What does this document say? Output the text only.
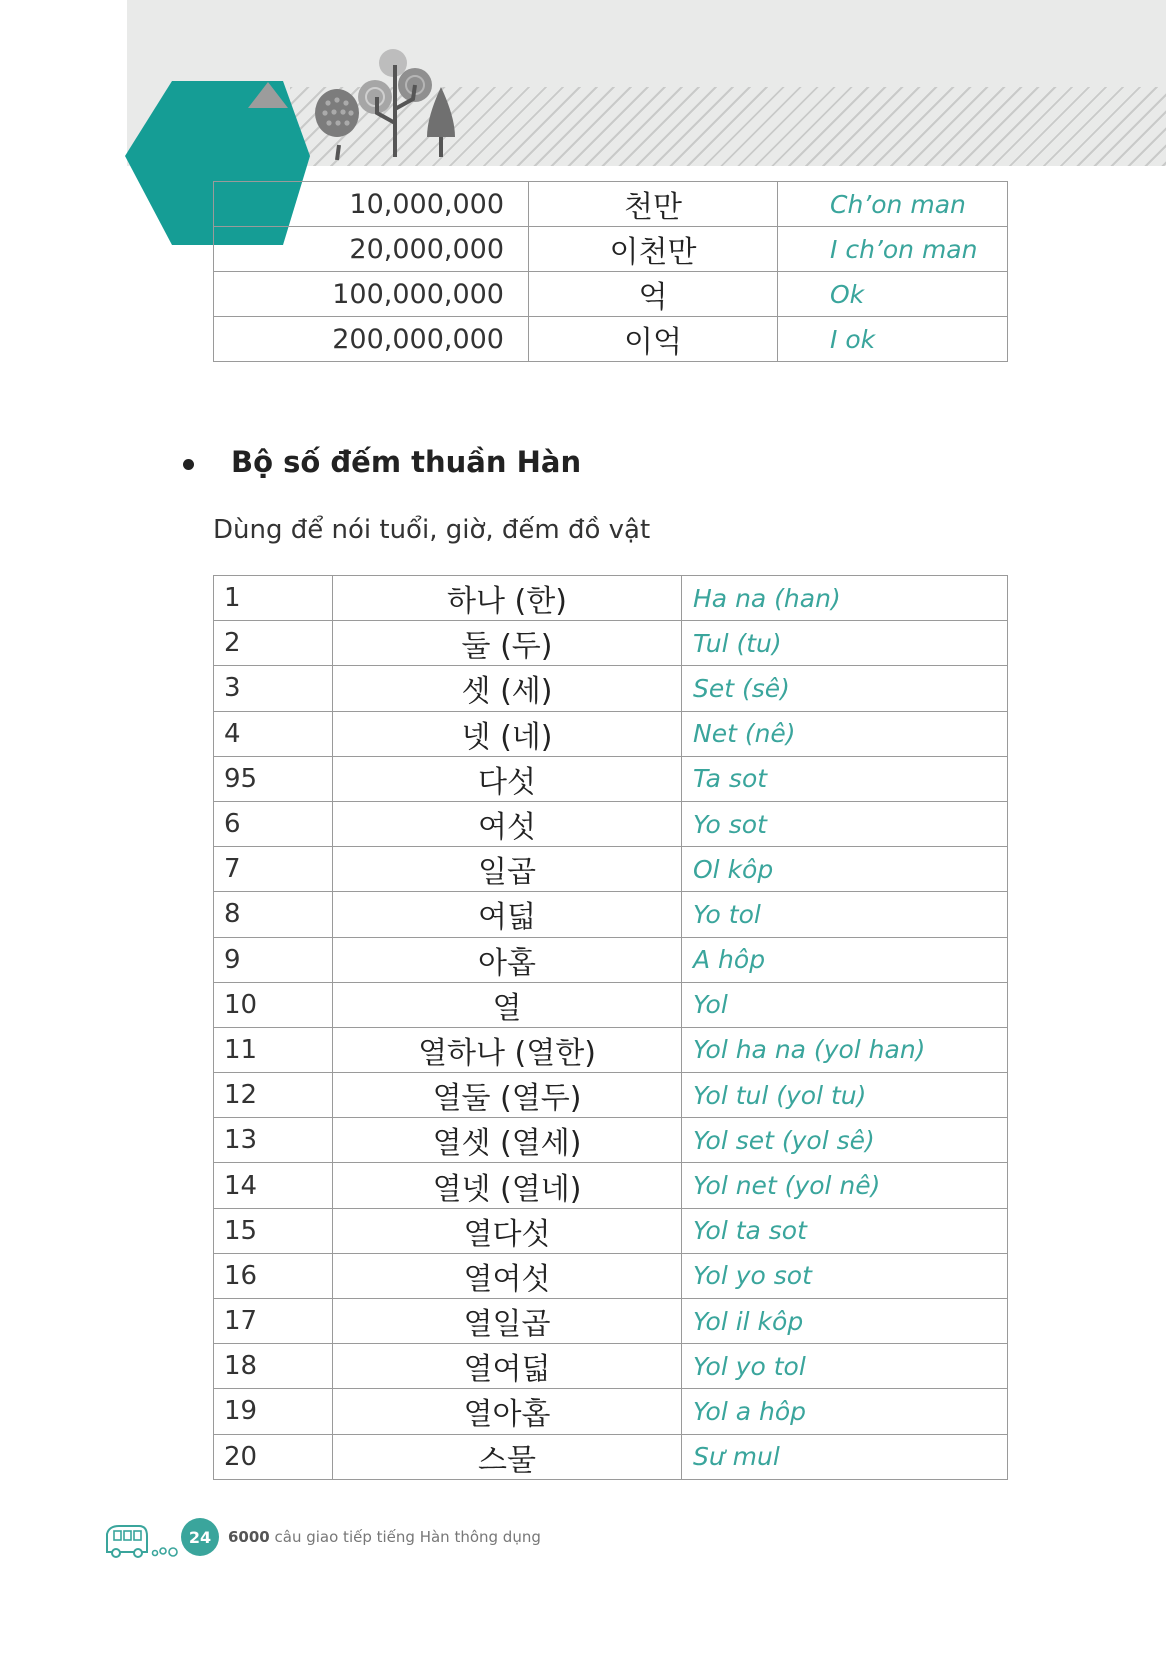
10,000,000	천만	Ch’on man
20,000,000	이천만	I ch’on man
100,000,000	억	Ok
200,000,000	이억	I ok
Bộ số đếm thuần Hàn
Dùng để nói tuổi, giờ, đếm đồ vật
1	하나 (한)	Ha na (han)
2	둘 (두)	Tul (tu)
3	셋 (세)	Set (sê)
4	넷 (네)	Net (nê)
95	다섯	Ta sot
6	여섯	Yo sot
7	일곱	Ol kôp
8	여덟	Yo tol
9	아홉	A hôp
10	열	Yol
11	열하나 (열한)	Yol ha na (yol han)
12	열둘 (열두)	Yol tul (yol tu)
13	열셋 (열세)	Yol set (yol sê)
14	열넷 (열네)	Yol net (yol nê)
15	열다섯	Yol ta sot
16	열여섯	Yol yo sot
17	열일곱	Yol il kôp
18	열여덟	Yol yo tol
19	열아홉	Yol a hôp
20	스물	Sư mul
24	6000 câu giao tiếp tiếng Hàn thông dụng
